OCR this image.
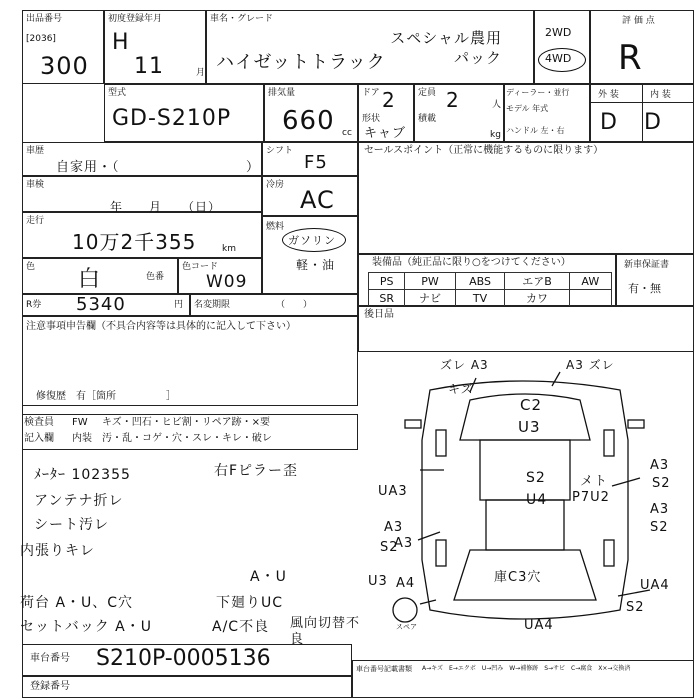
出品番号
[2036]
300
初度登録年月
H
11	月
車名・グレード
ハイゼットトラック
スペシャル農用 パック
2WD
4WD
評 価 点
R
型式
GD-S210P
排気量
660 cc
ドア 2
形状
キャブ
定員 2	人
積載
kg
ディーラー・並行
モデル 年式
ハンドル 左・右
外 装	内 装
D D
車歴
自家用・（	）
シフト
F5
車検
年　　月　　（日）
冷房
AC
走行
10万2千355	km
燃料
ガソリン
軽・油
色 白	色番
色コード
W09
R券 5340	円 名変期限	（　　）
セールスポイント（正常に機能するものに限ります）
装備品（純正品に限り○をつけてください）
PS	PW	ABS	エアB	AW
SR	ナビ	TV	カワ	
新車保証書
有・無
後日品
注意事項申告欄（不具合内容等は具体的に記入して下さい）
修復歴　有［箇所　　　　　］
検査員
記入欄
FW キズ・凹石・ヒビ割・リペア跡・×要
内装　汚・乱・コゲ・穴・スレ・キレ・破レ
ﾒｰﾀｰ 102355
アンテナ折レ
シート汚レ
内張りキレ
荷台 A・U、C穴
セットバック A・U
右Fピラー歪
A・U
下廻りUC
A/C不良 風向切替不良
ズレ A3	A3 ズレ
キズ
C2
U3
UA3
S2
U4
メト
P7U2
A3
S2
A3
S2
A3
S2
A3
庫C3穴
U3 A4	UA4
S2
UA4
スペア
車台番号 S210P-0005136
登録番号
車台番号記載書類 A→キズ　E→エクボ　U→凹み　W→補修跡　S→サビ　C→腐食　X×→交換済
